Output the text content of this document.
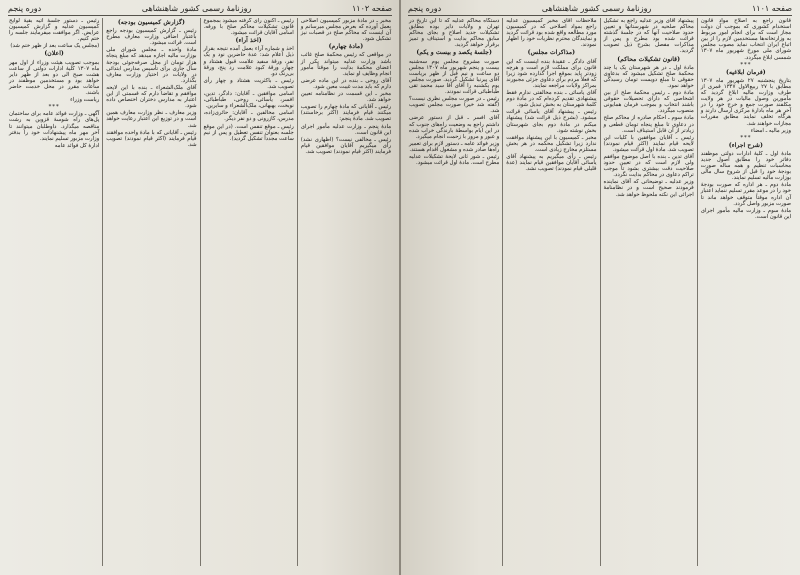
صفحه ۱۱۰۱
روزنامهٔ رسمی کشور شاهنشاهی
دوره پنجم

قانون راجع به اصلاح مواد قانون استخدام کشوری که بموجب آن دولت مجاز است که برای انجام امور مربوط به وزارتخانه‌ها مستخدمین لازم را از بین اتباع ایران انتخاب نماید مصوب مجلس شورای ملی مورخ شهریور ماه ۱۳۰۷ شمسی ابلاغ میگردد.

***

(فرمان ابلاغیه)

بتاریخ پنجشنبه ۲۷ شهریور ماه ۱۳۰۷ مطابق با ۲۷ ربیع‌الاول ۱۳۴۷ قمری از طرف وزارت مالیه ابلاغ گردید که مأمورین وصول مالیات در هر ولایت مکلفند صورت جمع و خرج خود را در آخر هر ماه بادارهٔ مرکزی ارسال دارند و هرگاه تخلف نمایند مطابق مقررات مجازات خواهند شد.

وزیر مالیه ـ امضاء

***

(شرح اجراء)

مادهٔ اول ـ کلیهٔ ادارات دولتی موظفند دفاتر خود را مطابق اصول جدید محاسبات تنظیم و همه ساله صورت بودجهٔ خود را قبل از شروع سال مالی بوزارت مالیه تسلیم نمایند.

مادهٔ دوم ـ هر اداره که صورت بودجهٔ خود را در موعد مقرر تسلیم ننماید اعتبار آن اداره موقتاً متوقف خواهد ماند تا صورت مزبور واصل گردد.

مادهٔ سوم ـ وزارت مالیه مأمور اجرای این قانون است.

پیشنهاد آقای وزیر عدلیه راجع به تشکیل محاکم صلحیه در شهرستانها و تعیین حدود صلاحیت آنها که در جلسهٔ گذشته قرائت شده بود مطرح و پس از مذاکرات مفصل بشرح ذیل تصویب گردید.

(قانون تشکیلات محاکم)

مادهٔ اول ـ در هر شهرستان یک یا چند محکمهٔ صلح تشکیل میشود که بدعاوی حقوقی تا مبلغ دویست تومان رسیدگی خواهد نمود.

مادهٔ دوم ـ رئیس محکمهٔ صلح از بین اشخاصی که دارای تحصیلات حقوقی باشند انتخاب و بموجب فرمان همایونی منصوب میگردد.

مادهٔ سوم ـ احکام صادره از محاکم صلح در دعاوی تا مبلغ پنجاه تومان قطعی و زیادتر از آن قابل استیناف است.

رئیس ـ آقایان موافقین با کلیات این لایحه قیام نمایند (اکثر قیام نمودند) تصویب شد. مادهٔ اول قرائت میشود.

آقای تدین ـ بنده با اصل موضوع موافقم ولی لازم است که در تعیین حدود صلاحیت دقت بیشتری بشود تا موجب تراکم دعاوی در محاکم بدایت نگردد.

وزیر عدلیه ـ توضیحاتی که آقای نماینده فرمودند صحیح است و در نظامنامهٔ اجرائی این نکته ملحوظ خواهد شد.

ملاحظات آقای مخبر کمیسیون عدلیه راجع بمواد اصلاحی که در کمیسیون مورد مطالعه واقع شده بود قرائت گردید و نمایندگان محترم نظریات خود را اظهار نمودند.

(مذاکرات مجلس)

آقای دادگر ـ عقیدهٔ بنده اینست که این قانون برای مملکت لازم است و هرچه زودتر باید بموقع اجرا گذارده شود زیرا که فعلاً مردم برای دعاوی جزئی مجبورند بمراکز ولایات مراجعه نمایند.

آقای یاسائی ـ بنده مخالفتی ندارم فقط پیشنهادی تقدیم کرده‌ام که در مادهٔ دوم کلمهٔ شهرستان به بخش تبدیل شود.

رئیس ـ پیشنهاد آقای یاسائی قرائت میشود. (بشرح ذیل قرائت شد) پیشنهاد میکنم در مادهٔ دوم بجای شهرستان بخش نوشته شود.

مخبر ـ کمیسیون با این پیشنهاد موافقت ندارد زیرا تشکیل محکمه در هر بخش مستلزم مخارج زیادی است.

رئیس ـ رأی میگیریم به پیشنهاد آقای یاسائی آقایان موافقین قیام نمایند (عدهٔ قلیلی قیام نمودند) تصویب نشد.

دستگاه محاکم عدلیه که تا این تاریخ در تهران و ولایات دایر بوده مطابق تشکیلات جدید اصلاح و بجای محاکم سابق محاکم بدایت و استیناف و تمیز برقرار خواهد گردید.

(جلسهٔ یکصد و بیست و یکم)

صورت مشروح مجلس یوم سه‌شنبه بیست و پنجم شهریور ماه ۱۳۰۷ مجلس دو ساعت و نیم قبل از ظهر بریاست آقای پیرنیا تشکیل گردید. صورت مجلس یوم یکشنبه را آقای آقا سید محمد تقی طباطبائی قرائت نمودند.

رئیس ـ در صورت مجلس نظری نیست؟ (گفته شد خیر) صورت مجلس تصویب شد.

آقای افسر ـ قبل از دستور عرضی داشتم راجع به وضعیت راه‌های جنوب که در این ایام بواسطهٔ بارندگی خراب شده و عبور و مرور با زحمت انجام میگیرد.

وزیر فوائد عامه ـ دستور لازم برای تعمیر راه‌ها صادر شده و مشغول اقدام هستند.

رئیس ـ شور ثانی لایحهٔ تشکیلات عدلیه مطرح است. مادهٔ اول قرائت میشود.

صفحه ۱۱۰۲
روزنامهٔ رسمی کشور شاهنشاهی
دوره پنجم

مخبر ـ در مادهٔ مزبور کمیسیون اصلاحی بعمل آورده که بعرض مجلس میرسانم و آن اینست که محاکم صلح در قصبات نیز تشکیل شود.

(مادهٔ چهارم)

در مواقعی که رئیس محکمهٔ صلح غائب باشد وزارت عدلیه میتواند یکی از اعضای محکمهٔ بدایت را موقتاً مأمور انجام وظایف او نماید.

آقای روحی ـ بنده در این ماده عرضی دارم که باید مدت غیبت معین شود.

مخبر ـ این قسمت در نظامنامه تعیین خواهد شد.

رئیس ـ آقایانی که مادهٔ چهارم را تصویب میکنند قیام فرمایند (اکثر برخاستند) تصویب شد. مادهٔ پنجم:

مادهٔ پنجم ـ وزارت عدلیه مأمور اجرای این قانون است.

رئیس ـ مخالفی نیست؟ (اظهاری نشد) رأی میگیریم آقایان موافقین قیام فرمایند (اکثر قیام نمودند) تصویب شد.

رئیس ـ اکنون رأی گرفته میشود بمجموع قانون تشکیلات محاکم صلح با ورقه. اسامی آقایان قرائت میشود.

(اخذ آراء)

اخذ و شماره آراء بعمل آمده نتیجه بقرار ذیل اعلام شد: عدهٔ حاضرین نود و یک نفر، ورقهٔ سفید علامت قبول هشتاد و چهار، ورقهٔ کبود علامت رد پنج، ورقهٔ بی‌رنگ دو.

رئیس ـ باکثریت هشتاد و چهار رأی تصویب شد.

اسامی موافقین ـ آقایان: دادگر، تدین، افسر، یاسائی، روحی، طباطبائی، نوبخت، بهبهانی، ملک‌الشعراء و سایرین.

اسامی مخالفین ـ آقایان: حائری‌زاده، مدرس، کازرونی و دو نفر دیگر.

رئیس ـ موقع تنفس است. (در این موقع جلسه بعنوان تنفس تعطیل و پس از نیم ساعت مجدداً تشکیل گردید).

(گزارش کمیسیون بودجه)

رئیس ـ گزارش کمیسیون بودجه راجع باعتبار اضافی وزارت معارف مطرح است. قرائت میشود.

مادهٔ واحده ـ مجلس شورای ملی بوزارت مالیه اجازه میدهد که مبلغ پنجاه هزار تومان از محل صرفه‌جوئی بودجهٔ سال جاری برای تأسیس مدارس ابتدائی در ولایات در اختیار وزارت معارف بگذارد.

آقای ملک‌الشعراء ـ بنده با این لایحه موافقم و تقاضا دارم که قسمتی از این اعتبار به مدارس دختران اختصاص داده شود.

وزیر معارف ـ نظر وزارت معارف همین است و در توزیع این اعتبار رعایت خواهد شد.

رئیس ـ آقایانی که با مادهٔ واحده موافقند قیام فرمایند (اکثر قیام نمودند) تصویب شد.

رئیس ـ دستور جلسهٔ آتیه بقیهٔ لوایح کمیسیون عدلیه و گزارش کمیسیون عرایض. اگر موافقت میفرمایند جلسه را ختم کنیم.

(مجلس یک ساعت بعد از ظهر ختم شد)

(اعلان)

بموجب تصویب هیئت وزراء از اول مهر ماه ۱۳۰۷ کلیهٔ ادارات دولتی از ساعت هشت صبح الی دو بعد از ظهر دایر خواهد بود و مستخدمین موظفند در ساعات مقرر در محل خدمت حاضر باشند.

ریاست وزراء

***

آگهی ـ وزارت فوائد عامه برای ساختمان پل‌های راه شوسهٔ قزوین به رشت مناقصه میگذارد. داوطلبان میتوانند تا آخر مهر ماه پیشنهادات خود را بدفتر وزارت مزبور تسلیم نمایند.

ادارهٔ کل فوائد عامه
